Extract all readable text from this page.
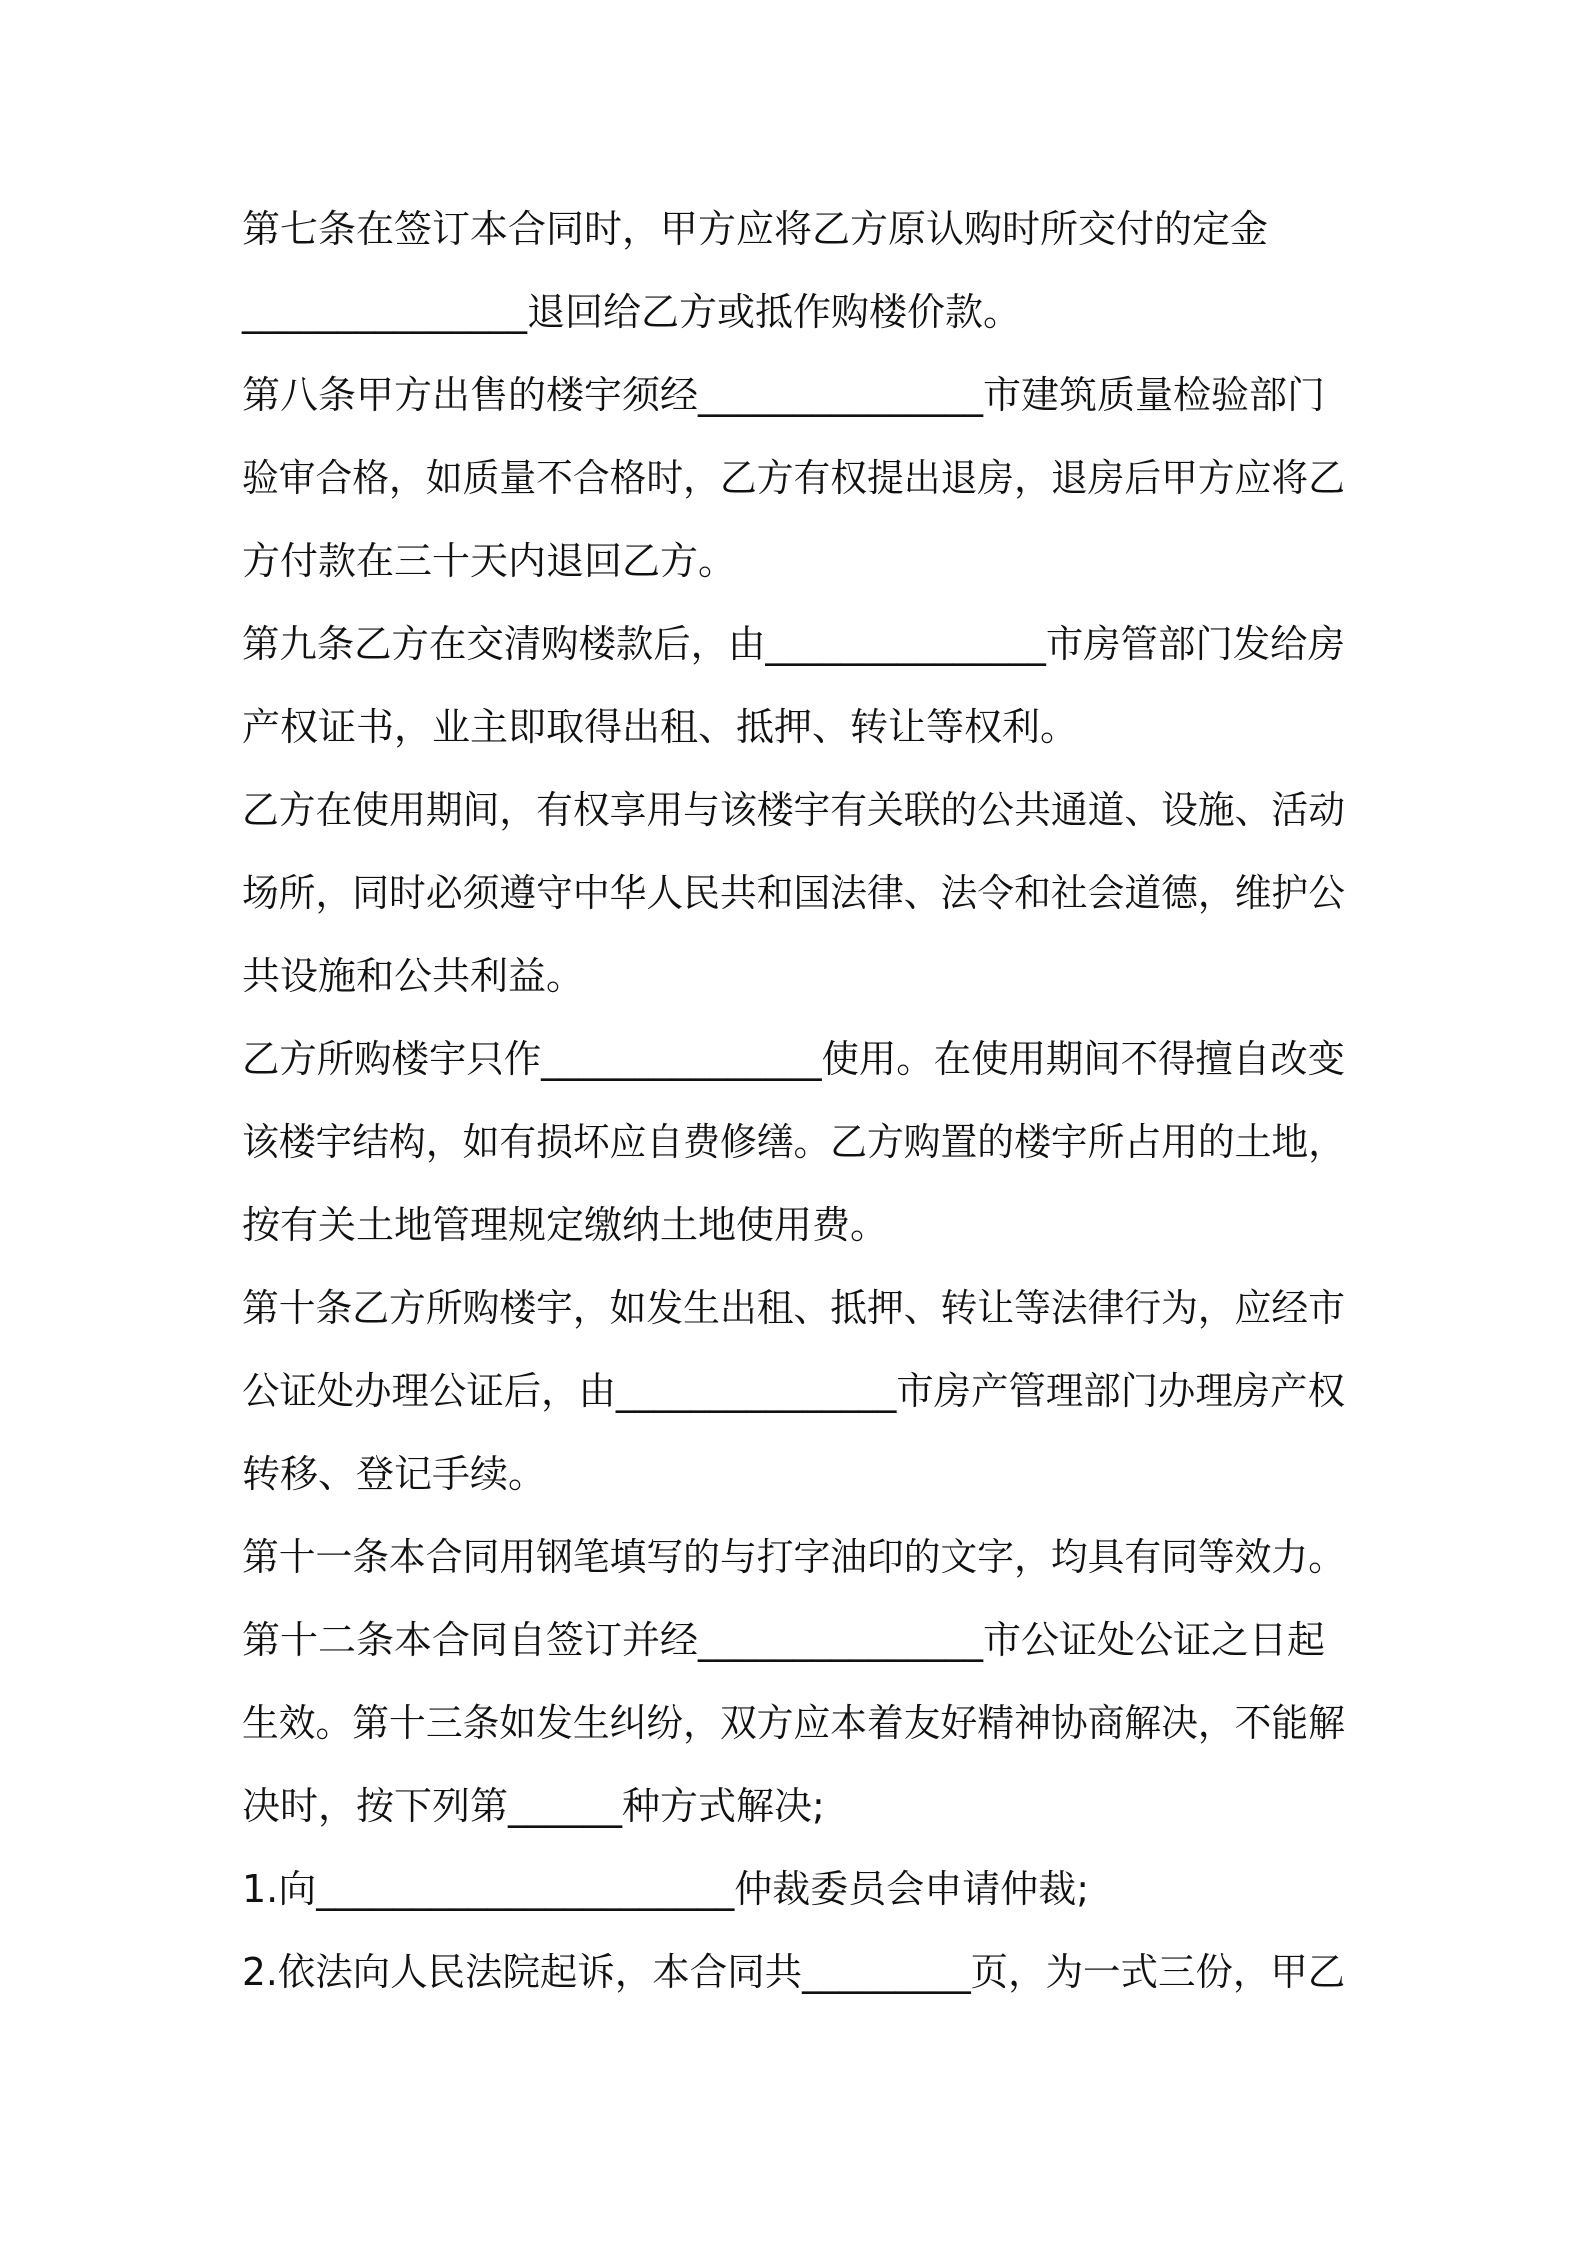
第七条在签订本合同时，甲方应将乙方原认购时所交付的定金
_______________退回给乙方或抵作购楼价款。
第八条甲方出售的楼宇须经_______________市建筑质量检验部门
验审合格，如质量不合格时，乙方有权提出退房，退房后甲方应将乙
方付款在三十天内退回乙方。
第九条乙方在交清购楼款后，由_______________市房管部门发给房
产权证书，业主即取得出租、抵押、转让等权利。
乙方在使用期间，有权享用与该楼宇有关联的公共通道、设施、活动
场所，同时必须遵守中华人民共和国法律、法令和社会道德，维护公
共设施和公共利益。
乙方所购楼宇只作_______________使用。在使用期间不得擅自改变
该楼宇结构，如有损坏应自费修缮。乙方购置的楼宇所占用的土地，
按有关土地管理规定缴纳土地使用费。
第十条乙方所购楼宇，如发生出租、抵押、转让等法律行为，应经市
公证处办理公证后，由_______________市房产管理部门办理房产权
转移、登记手续。
第十一条本合同用钢笔填写的与打字油印的文字，均具有同等效力。
第十二条本合同自签订并经_______________市公证处公证之日起
生效。第十三条如发生纠纷，双方应本着友好精神协商解决，不能解
决时，按下列第______种方式解决;
1.向______________________仲裁委员会申请仲裁;
2.依法向人民法院起诉，本合同共_________页，为一式三份，甲乙
